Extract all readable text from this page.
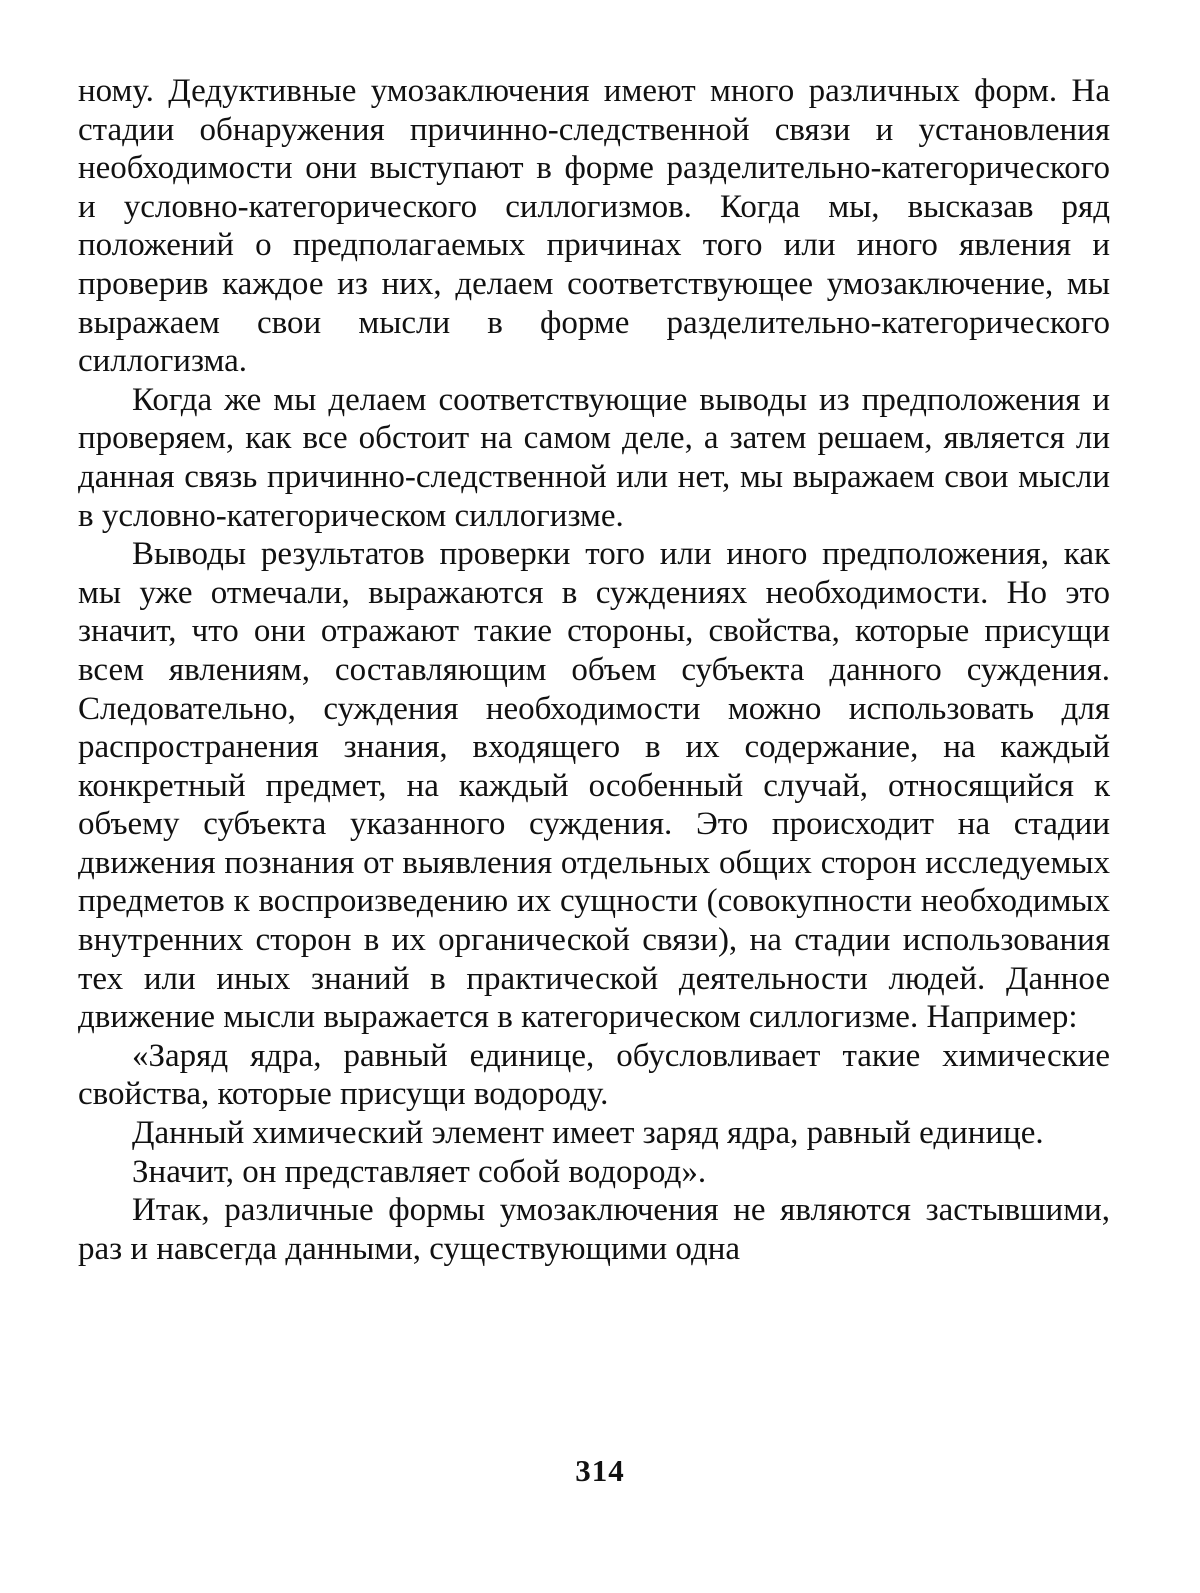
ному. Дедуктивные умозаключения имеют много различных форм. На стадии обнаружения причинно-следственной связи и установления необходимости они выступают в форме разделительно-категорического и условно-категорического силлогизмов. Когда мы, высказав ряд положений о предполагаемых причинах того или иного явления и проверив каждое из них, делаем соответствующее умозаключение, мы выражаем свои мысли в форме разделительно-категорического силлогизма.

Когда же мы делаем соответствующие выводы из предположения и проверяем, как все обстоит на самом деле, а затем решаем, является ли данная связь причинно-следственной или нет, мы выражаем свои мысли в условно-категорическом силлогизме.

Выводы результатов проверки того или иного предположения, как мы уже отмечали, выражаются в суждениях необходимости. Но это значит, что они отражают такие стороны, свойства, которые присущи всем явлениям, составляющим объем субъекта данного суждения. Следовательно, суждения необходимости можно использовать для распространения знания, входящего в их содержание, на каждый конкретный предмет, на каждый особенный случай, относящийся к объему субъекта указанного суждения. Это происходит на стадии движения познания от выявления отдельных общих сторон исследуемых предметов к воспроизведению их сущности (совокупности необходимых внутренних сторон в их органической связи), на стадии использования тех или иных знаний в практической деятельности людей. Данное движение мысли выражается в категорическом силлогизме. Например:

«Заряд ядра, равный единице, обусловливает такие химические свойства, которые присущи водороду.

Данный химический элемент имеет заряд ядра, равный единице.

Значит, он представляет собой водород».

Итак, различные формы умозаключения не являются застывшими, раз и навсегда данными, существующими одна

314
